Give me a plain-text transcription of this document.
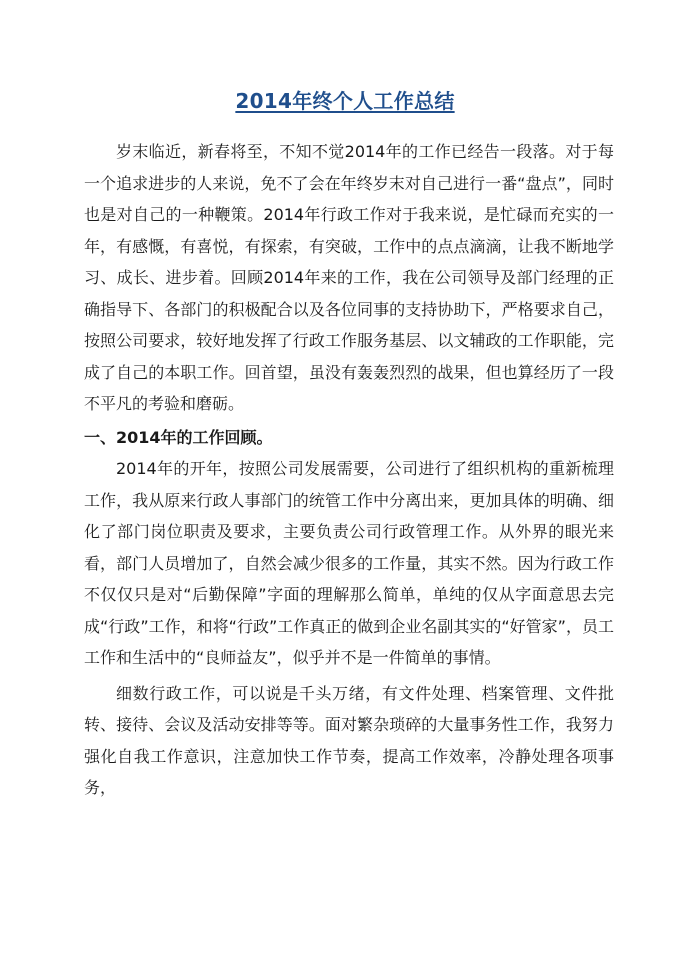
2014年终个人工作总结

岁末临近，新春将至，不知不觉2014年的工作已经告一段落。对于每一个追求进步的人来说，免不了会在年终岁末对自己进行一番“盘点”，同时也是对自己的一种鞭策。2014年行政工作对于我来说，是忙碌而充实的一年，有感慨，有喜悦，有探索，有突破，工作中的点点滴滴，让我不断地学习、成长、进步着。回顾2014年来的工作，我在公司领导及部门经理的正确指导下、各部门的积极配合以及各位同事的支持协助下，严格要求自己，按照公司要求，较好地发挥了行政工作服务基层、以文辅政的工作职能，完成了自己的本职工作。回首望，虽没有轰轰烈烈的战果，但也算经历了一段不平凡的考验和磨砺。

一、2014年的工作回顾。

2014年的开年，按照公司发展需要，公司进行了组织机构的重新梳理工作，我从原来行政人事部门的统管工作中分离出来，更加具体的明确、细化了部门岗位职责及要求，主要负责公司行政管理工作。从外界的眼光来看，部门人员增加了，自然会减少很多的工作量，其实不然。因为行政工作不仅仅只是对“后勤保障”字面的理解那么简单，单纯的仅从字面意思去完成“行政”工作，和将“行政”工作真正的做到企业名副其实的“好管家”，员工工作和生活中的“良师益友”，似乎并不是一件简单的事情。

细数行政工作，可以说是千头万绪，有文件处理、档案管理、文件批转、接待、会议及活动安排等等。面对繁杂琐碎的大量事务性工作，我努力强化自我工作意识，注意加快工作节奏，提高工作效率，冷静处理各项事务，
